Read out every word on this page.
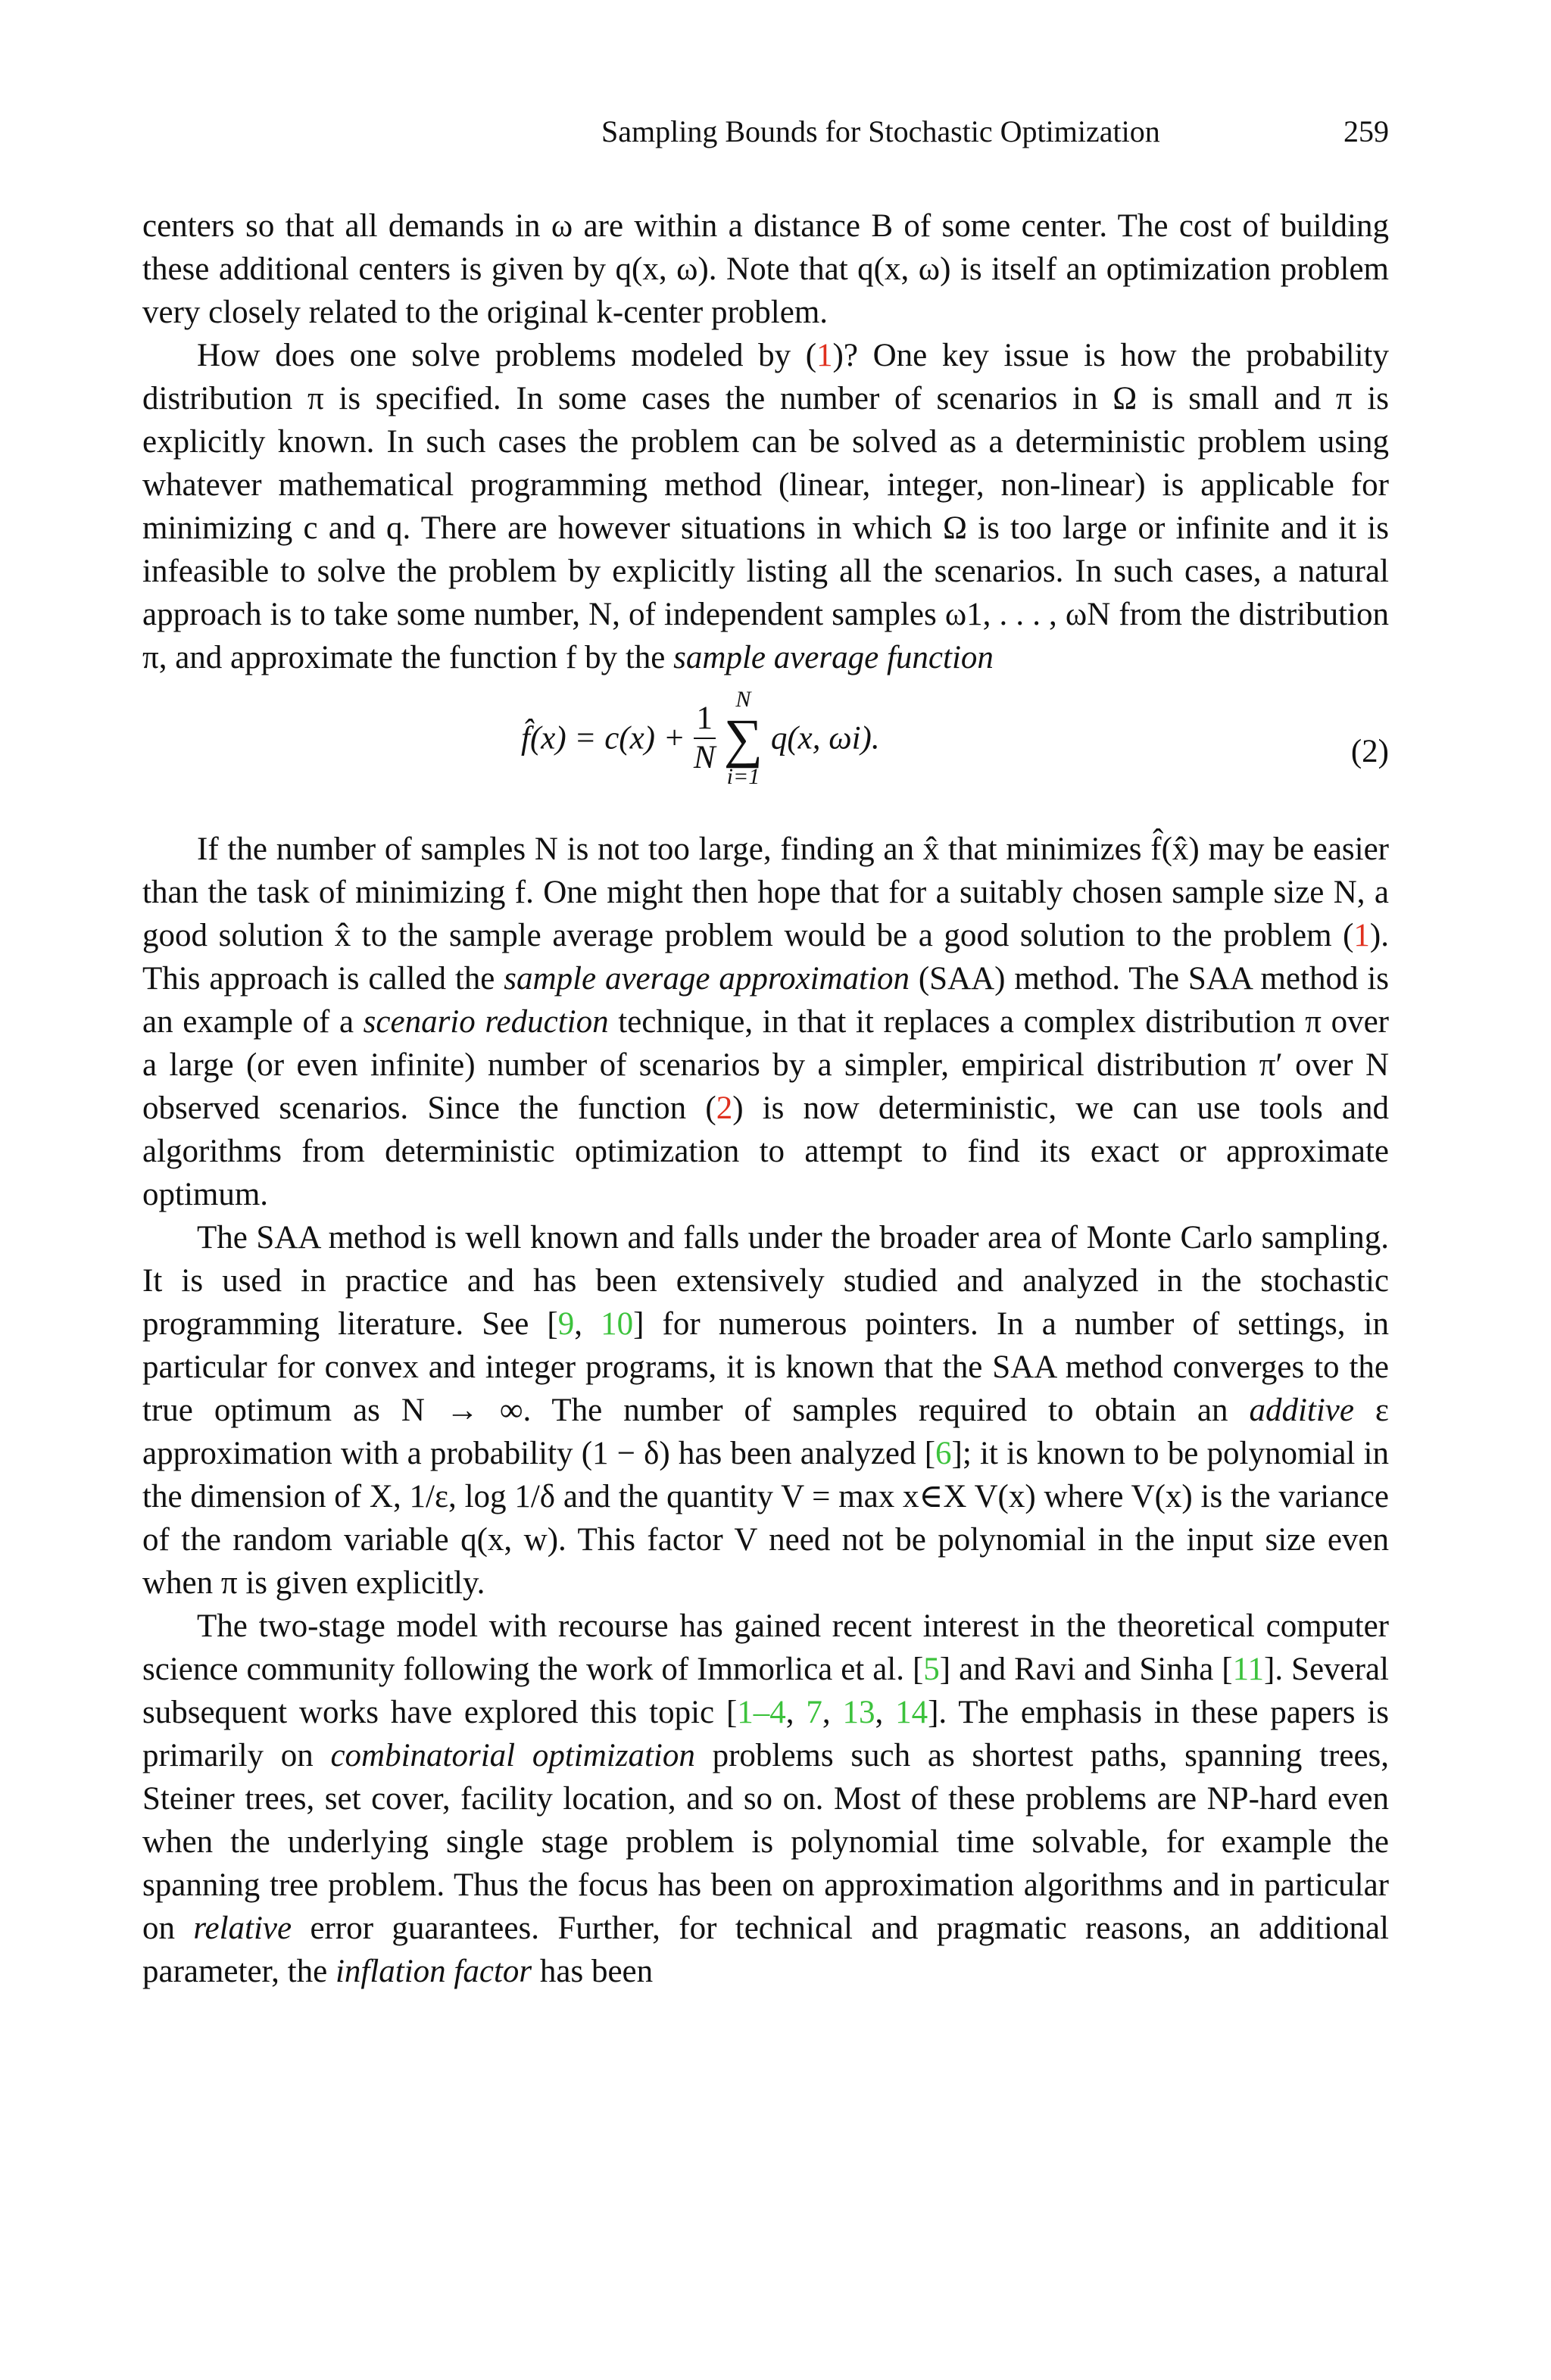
Sampling Bounds for Stochastic Optimization	259

centers so that all demands in ω are within a distance B of some center. The cost of building these additional centers is given by q(x, ω). Note that q(x, ω) is itself an optimization problem very closely related to the original k-center problem.

How does one solve problems modeled by (1)? One key issue is how the probability distribution π is specified. In some cases the number of scenarios in Ω is small and π is explicitly known. In such cases the problem can be solved as a deterministic problem using whatever mathematical programming method (linear, integer, non-linear) is applicable for minimizing c and q. There are however situations in which Ω is too large or infinite and it is infeasible to solve the problem by explicitly listing all the scenarios. In such cases, a natural approach is to take some number, N, of independent samples ω1, . . . , ωN from the distribution π, and approximate the function f by the sample average function

f̂(x) = $c(x) + \frac{1}{N}$

N
∑
i=1
q(x, ωi).	(2)

If the number of samples N is not too large, finding an x̂ that minimizes f̂(x̂) may be easier than the task of minimizing f. One might then hope that for a suitably chosen sample size N, a good solution x̂ to the sample average problem would be a good solution to the problem (1). This approach is called the sample average approximation (SAA) method. The SAA method is an example of a scenario reduction technique, in that it replaces a complex distribution π over a large (or even infinite) number of scenarios by a simpler, empirical distribution π′ over N observed scenarios. Since the function (2) is now deterministic, we can use tools and algorithms from deterministic optimization to attempt to find its exact or approximate optimum.

The SAA method is well known and falls under the broader area of Monte Carlo sampling. It is used in practice and has been extensively studied and analyzed in the stochastic programming literature. See [9, 10] for numerous pointers. In a number of settings, in particular for convex and integer programs, it is known that the SAA method converges to the true optimum as N → ∞. The number of samples required to obtain an additive ε approximation with a probability (1 − δ) has been analyzed [6]; it is known to be polynomial in the dimension of X, 1/ε, log 1/δ and the quantity V = max x∈X V(x) where V(x) is the variance of the random variable q(x, w). This factor V need not be polynomial in the input size even when π is given explicitly.

The two-stage model with recourse has gained recent interest in the theoretical computer science community following the work of Immorlica et al. [5] and Ravi and Sinha [11]. Several subsequent works have explored this topic [1–4, 7, 13, 14]. The emphasis in these papers is primarily on combinatorial optimization problems such as shortest paths, spanning trees, Steiner trees, set cover, facility location, and so on. Most of these problems are NP-hard even when the underlying single stage problem is polynomial time solvable, for example the spanning tree problem. Thus the focus has been on approximation algorithms and in particular on relative error guarantees. Further, for technical and pragmatic reasons, an additional parameter, the inflation factor has been
